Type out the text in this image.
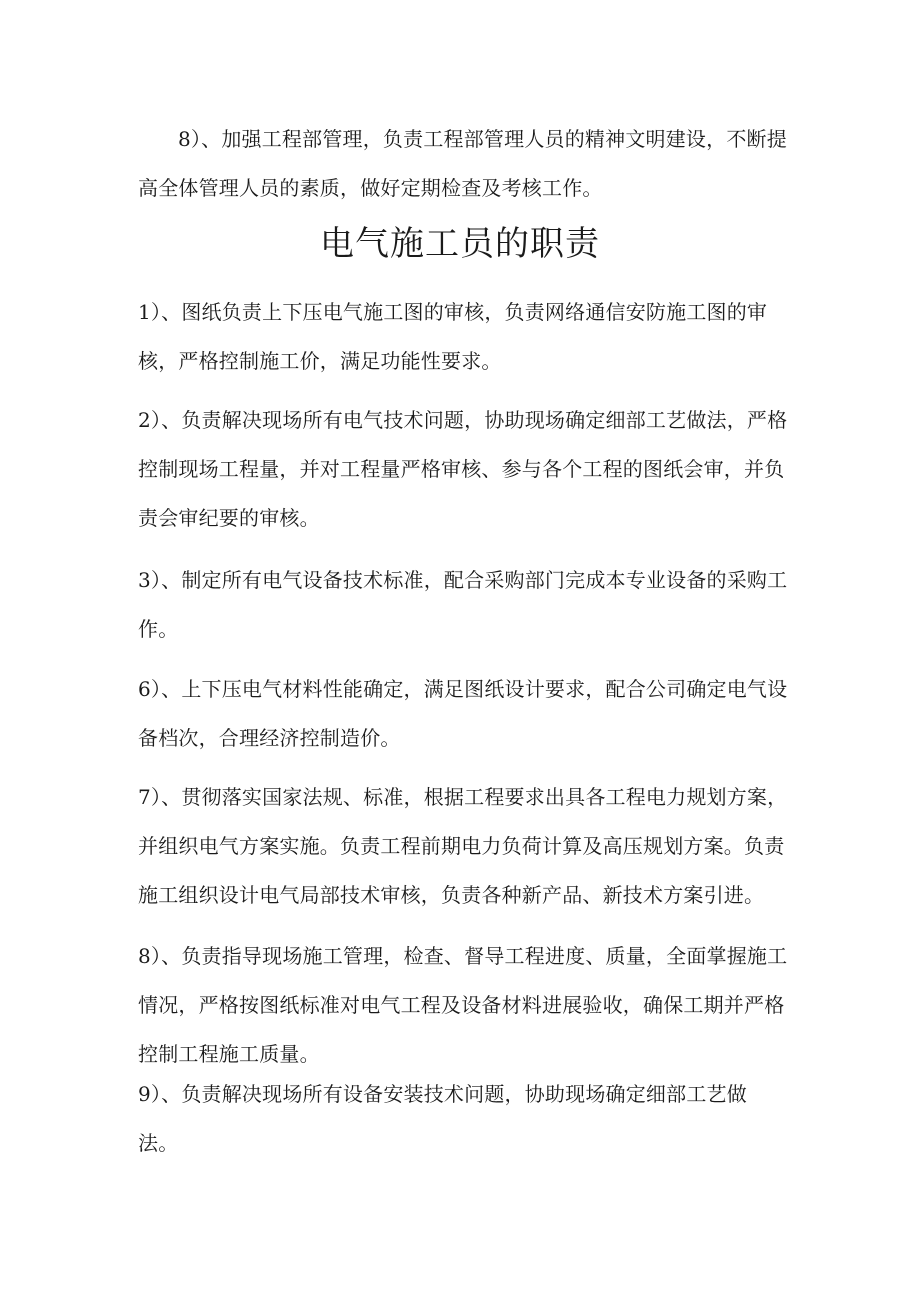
8）、加强工程部管理，负责工程部管理人员的精神文明建设，不断提高全体管理人员的素质，做好定期检查及考核工作。

电气施工员的职责

1）、图纸负责上下压电气施工图的审核，负责网络通信安防施工图的审核，严格控制施工价，满足功能性要求。

2）、负责解决现场所有电气技术问题，协助现场确定细部工艺做法，严格控制现场工程量，并对工程量严格审核、参与各个工程的图纸会审，并负责会审纪要的审核。

3）、制定所有电气设备技术标准，配合采购部门完成本专业设备的采购工作。

6）、上下压电气材料性能确定，满足图纸设计要求，配合公司确定电气设备档次，合理经济控制造价。

7）、贯彻落实国家法规、标准，根据工程要求出具各工程电力规划方案，并组织电气方案实施。负责工程前期电力负荷计算及高压规划方案。负责施工组织设计电气局部技术审核，负责各种新产品、新技术方案引进。

8）、负责指导现场施工管理，检查、督导工程进度、质量，全面掌握施工情况，严格按图纸标准对电气工程及设备材料进展验收，确保工期并严格控制工程施工质量。

9）、负责解决现场所有设备安装技术问题，协助现场确定细部工艺做法。
